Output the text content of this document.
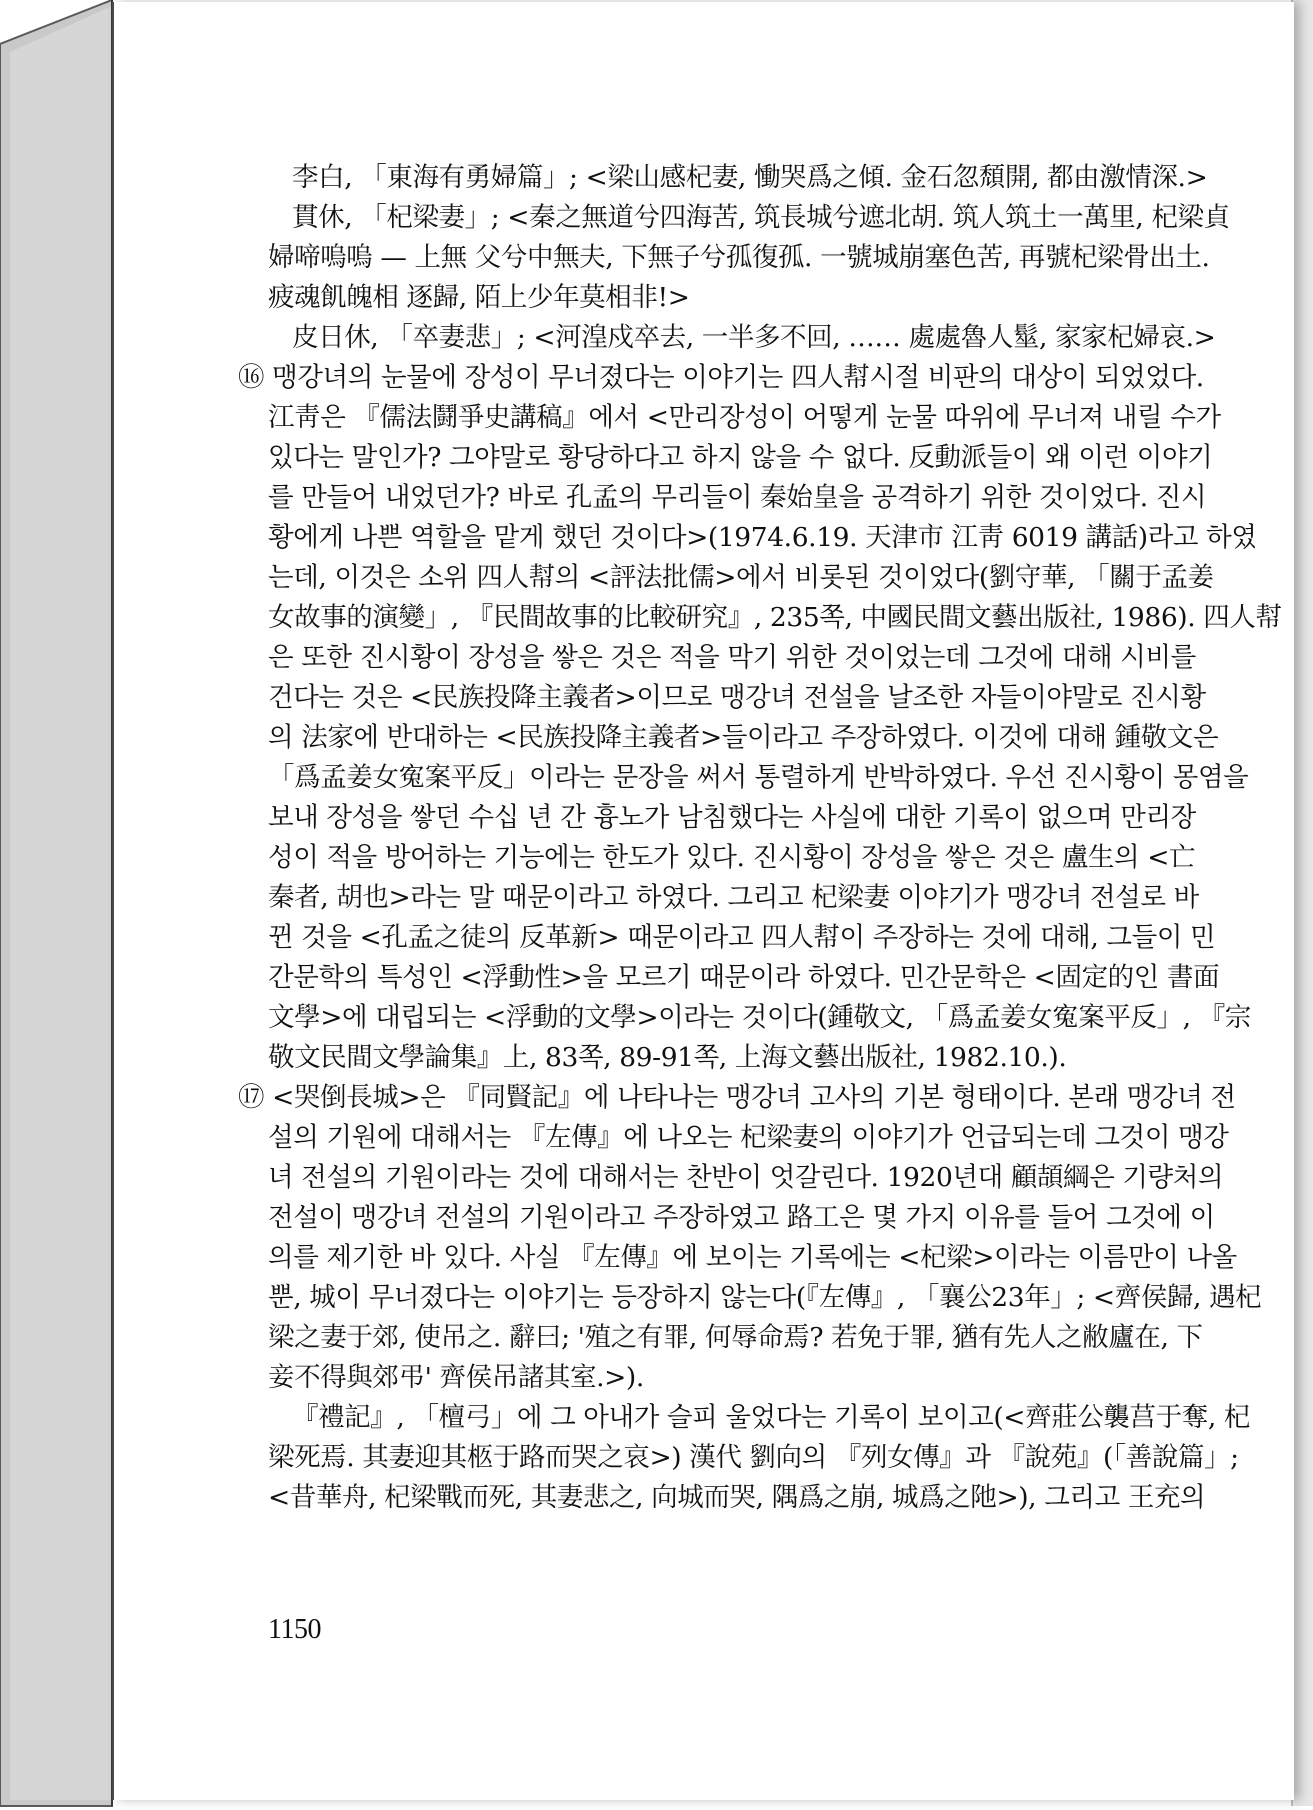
李白, 「東海有勇婦篇」; <梁山感杞妻, 慟哭爲之傾. 金石忽頹開, 都由激情深.>
貫休, 「杞梁妻」; <秦之無道兮四海苦, 筑長城兮遮北胡. 筑人筑土一萬里, 杞梁貞
婦啼嗚嗚 — 上無 父兮中無夫, 下無子兮孤復孤. 一號城崩塞色苦, 再號杞梁骨出土.
疲魂飢魄相 逐歸, 陌上少年莫相非!>
皮日休, 「卒妻悲」; <河湟戍卒去, 一半多不回, …… 處處魯人髽, 家家杞婦哀.>
⑯ 맹강녀의 눈물에 장성이 무너졌다는 이야기는 四人幇시절 비판의 대상이 되었었다.
江靑은 『儒法鬪爭史講稿』에서 <만리장성이 어떻게 눈물 따위에 무너져 내릴 수가
있다는 말인가? 그야말로 황당하다고 하지 않을 수 없다. 反動派들이 왜 이런 이야기
를 만들어 내었던가? 바로 孔孟의 무리들이 秦始皇을 공격하기 위한 것이었다. 진시
황에게 나쁜 역할을 맡게 했던 것이다>(1974.6.19. 天津市 江靑 6019 講話)라고 하였
는데, 이것은 소위 四人幇의 <評法批儒>에서 비롯된 것이었다(劉守華, 「關于孟姜
女故事的演變」, 『民間故事的比較研究』, 235쪽, 中國民間文藝出版社, 1986). 四人幇
은 또한 진시황이 장성을 쌓은 것은 적을 막기 위한 것이었는데 그것에 대해 시비를
건다는 것은 <民族投降主義者>이므로 맹강녀 전설을 날조한 자들이야말로 진시황
의 法家에 반대하는 <民族投降主義者>들이라고 주장하였다. 이것에 대해 鍾敬文은
「爲孟姜女寃案平反」이라는 문장을 써서 통렬하게 반박하였다. 우선 진시황이 몽염을
보내 장성을 쌓던 수십 년 간 흉노가 남침했다는 사실에 대한 기록이 없으며 만리장
성이 적을 방어하는 기능에는 한도가 있다. 진시황이 장성을 쌓은 것은 盧生의 <亡
秦者, 胡也>라는 말 때문이라고 하였다. 그리고 杞梁妻 이야기가 맹강녀 전설로 바
뀐 것을 <孔孟之徒의 反革新> 때문이라고 四人幇이 주장하는 것에 대해, 그들이 민
간문학의 특성인 <浮動性>을 모르기 때문이라 하였다. 민간문학은 <固定的인 書面
文學>에 대립되는 <浮動的文學>이라는 것이다(鍾敬文, 「爲孟姜女寃案平反」, 『宗
敬文民間文學論集』上, 83쪽, 89-91쪽, 上海文藝出版社, 1982.10.).
⑰ <哭倒長城>은 『同賢記』에 나타나는 맹강녀 고사의 기본 형태이다. 본래 맹강녀 전
설의 기원에 대해서는 『左傳』에 나오는 杞梁妻의 이야기가 언급되는데 그것이 맹강
녀 전설의 기원이라는 것에 대해서는 찬반이 엇갈린다. 1920년대 顧頡綱은 기량처의
전설이 맹강녀 전설의 기원이라고 주장하였고 路工은 몇 가지 이유를 들어 그것에 이
의를 제기한 바 있다. 사실 『左傳』에 보이는 기록에는 <杞梁>이라는 이름만이 나올
뿐, 城이 무너졌다는 이야기는 등장하지 않는다(『左傳』, 「襄公23年」; <齊侯歸, 遇杞
梁之妻于郊, 使吊之. 辭曰; '殖之有罪, 何辱命焉? 若免于罪, 猶有先人之敝廬在, 下
妾不得與郊弔' 齊侯吊諸其室.>).
『禮記』, 「檀弓」에 그 아내가 슬피 울었다는 기록이 보이고(<齊莊公襲莒于奪, 杞
梁死焉. 其妻迎其柩于路而哭之哀>) 漢代 劉向의 『列女傳』과 『說苑』(「善說篇」;
<昔華舟, 杞梁戰而死, 其妻悲之, 向城而哭, 隅爲之崩, 城爲之阤>), 그리고 王充의
1150
